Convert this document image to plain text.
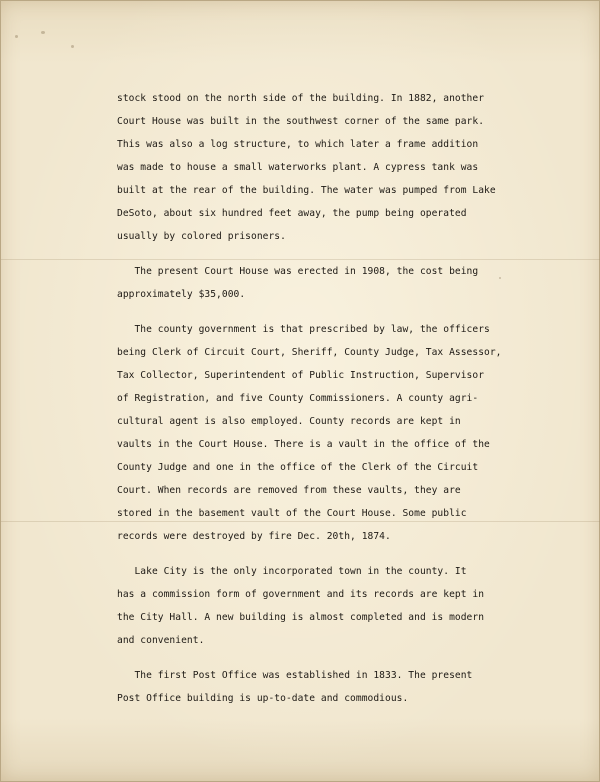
stock stood on the north side of the building. In 1882, another
Court House was built in the southwest corner of the same park.
This was also a log structure, to which later a frame addition
was made to house a small waterworks plant. A cypress tank was
built at the rear of the building. The water was pumped from Lake
DeSoto, about six hundred feet away, the pump being operated
usually by colored prisoners.
The present Court House was erected in 1908, the cost being
approximately $35,000.
The county government is that prescribed by law, the officers
being Clerk of Circuit Court, Sheriff, County Judge, Tax Assessor,
Tax Collector, Superintendent of Public Instruction, Supervisor
of Registration, and five County Commissioners. A county agri-
cultural agent is also employed. County records are kept in
vaults in the Court House. There is a vault in the office of the
County Judge and one in the office of the Clerk of the Circuit
Court. When records are removed from these vaults, they are
stored in the basement vault of the Court House. Some public
records were destroyed by fire Dec. 20th, 1874.
Lake City is the only incorporated town in the county. It
has a commission form of government and its records are kept in
the City Hall. A new building is almost completed and is modern
and convenient.
The first Post Office was established in 1833. The present
Post Office building is up-to-date and commodious.
